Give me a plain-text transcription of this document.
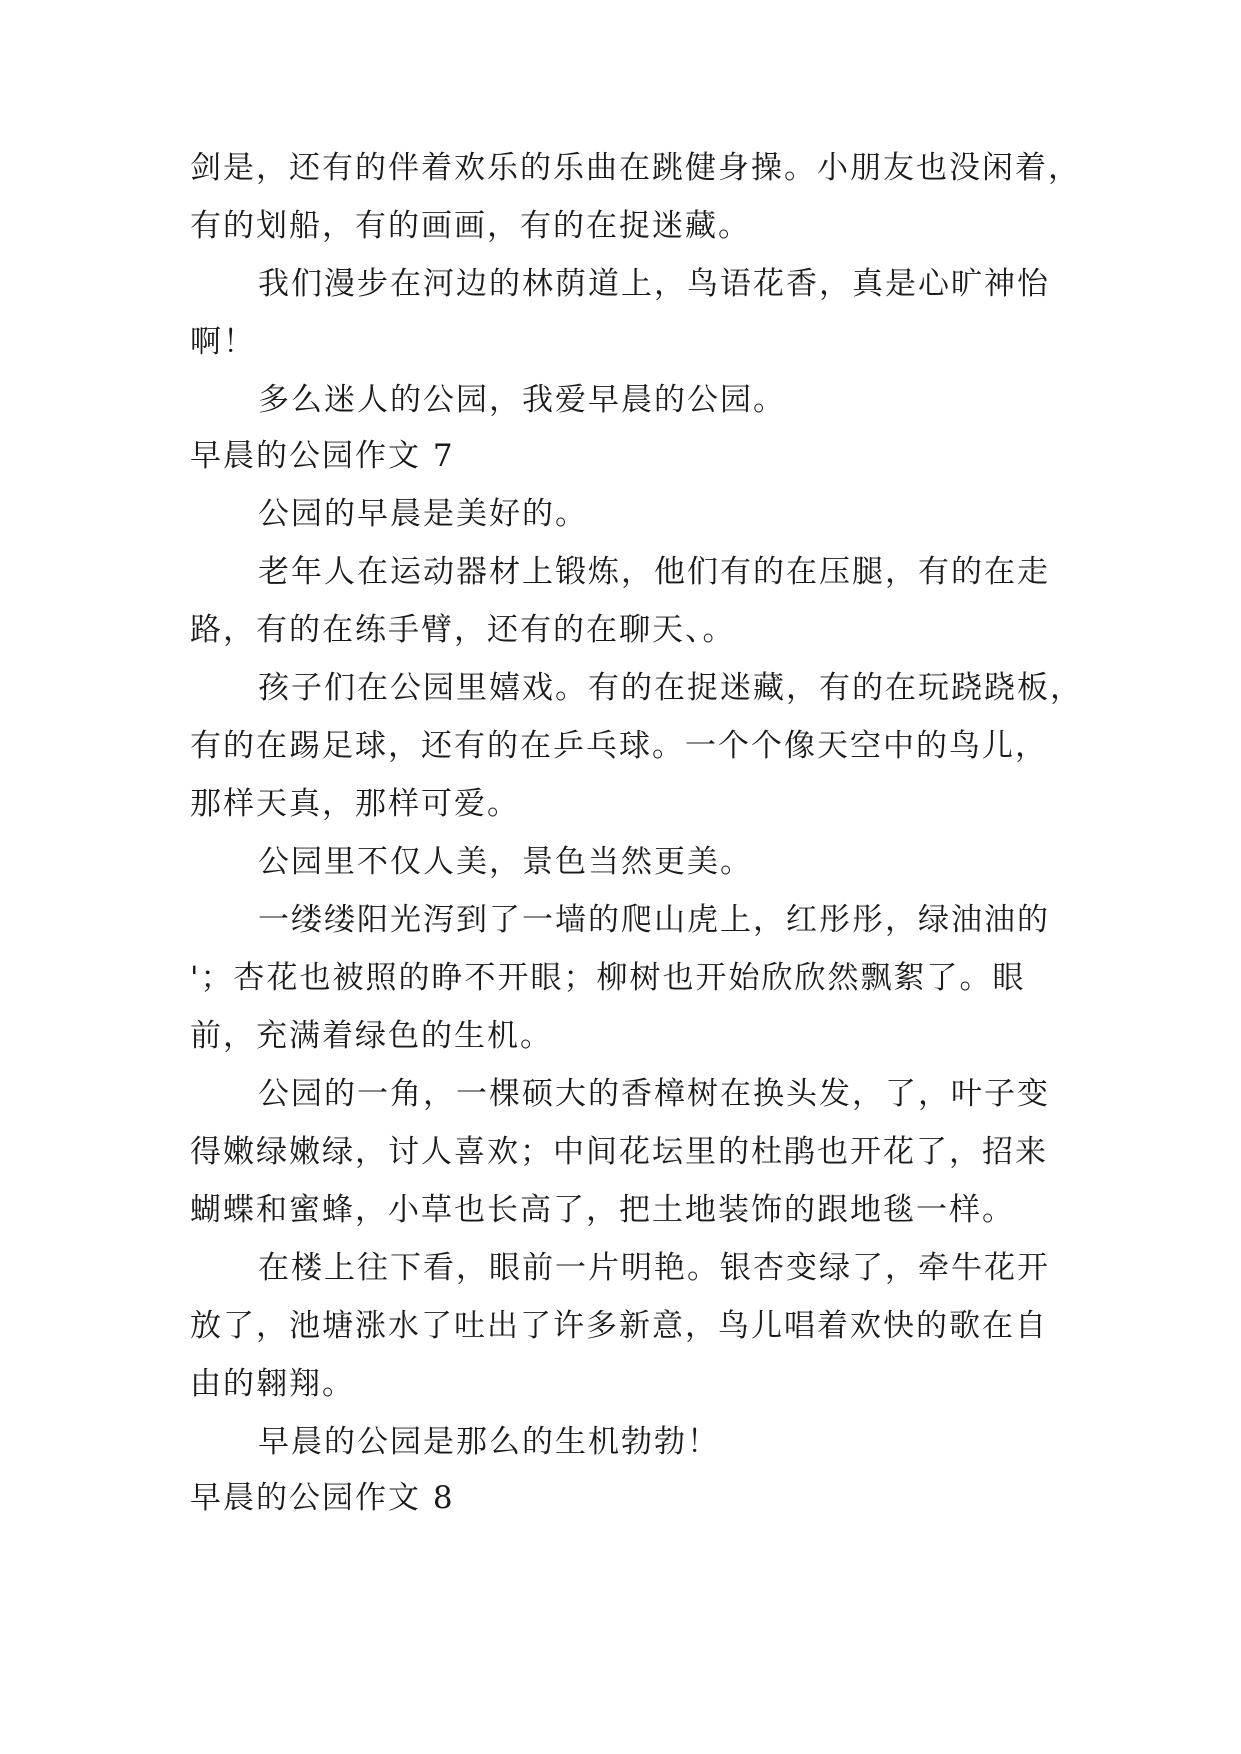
剑是，还有的伴着欢乐的乐曲在跳健身操。小朋友也没闲着，
有的划船，有的画画，有的在捉迷藏。
我们漫步在河边的林荫道上，鸟语花香，真是心旷神怡
啊！
多么迷人的公园，我爱早晨的公园。
早晨的公园作文 7
公园的早晨是美好的。
老年人在运动器材上锻炼，他们有的在压腿，有的在走
路，有的在练手臂，还有的在聊天、。
孩子们在公园里嬉戏。有的在捉迷藏，有的在玩跷跷板，
有的在踢足球，还有的在乒乓球。一个个像天空中的鸟儿，
那样天真，那样可爱。
公园里不仅人美，景色当然更美。
一缕缕阳光泻到了一墙的爬山虎上，红彤彤，绿油油的
'；杏花也被照的睁不开眼；柳树也开始欣欣然飘絮了。眼
前，充满着绿色的生机。
公园的一角，一棵硕大的香樟树在换头发，了，叶子变
得嫩绿嫩绿，讨人喜欢；中间花坛里的杜鹃也开花了，招来
蝴蝶和蜜蜂，小草也长高了，把土地装饰的跟地毯一样。
在楼上往下看，眼前一片明艳。银杏变绿了，牵牛花开
放了，池塘涨水了吐出了许多新意，鸟儿唱着欢快的歌在自
由的翱翔。
早晨的公园是那么的生机勃勃！
早晨的公园作文 8
